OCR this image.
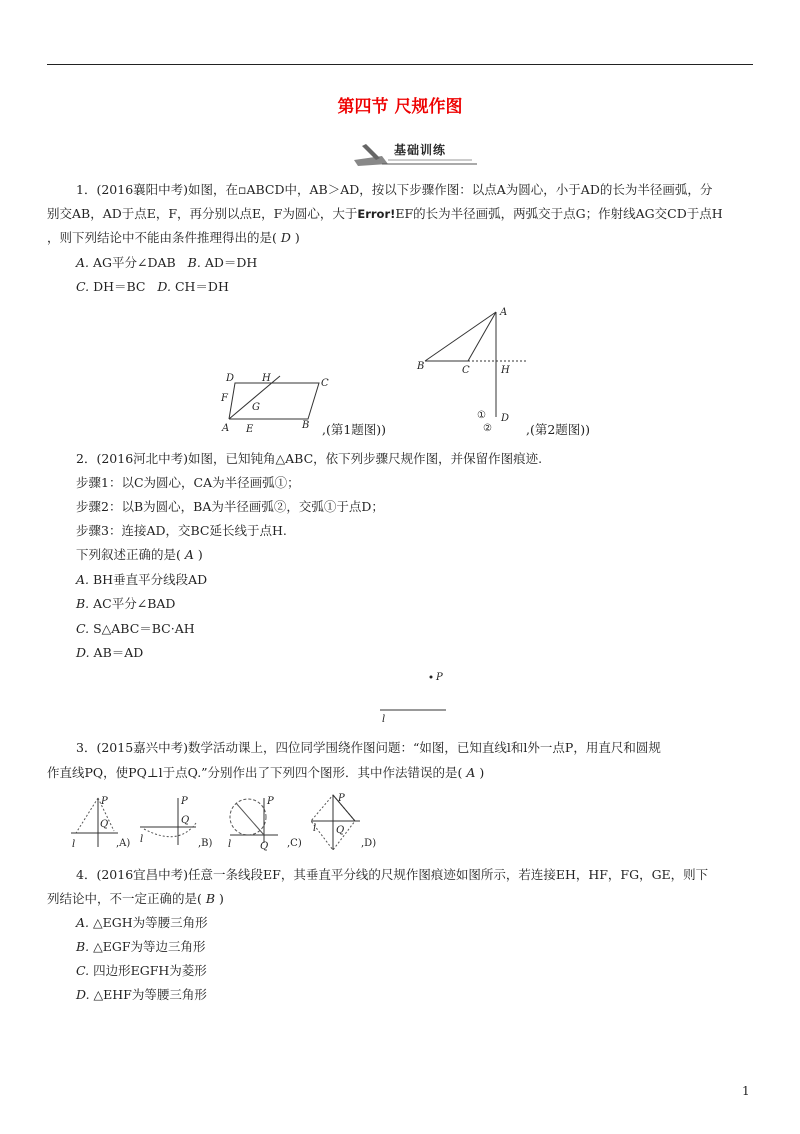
第四节 尺规作图
基础训练
1．(2016襄阳中考)如图，在▫ABCD中，AB＞AD，按以下步骤作图：以点A为圆心，小于AD的长为半径画弧，分
别交AB，AD于点E，F，再分别以点E，F为圆心，大于Error!EF的长为半径画弧，两弧交于点G；作射线AG交CD于点H
，则下列结论中不能由条件推理得出的是( D )
A. AG平分∠DAB B. AD＝DH
C. DH＝BC D. CH＝DH
D	H	C
F
G
A E	B ,(第1题图))
A
B	C	H
D
①
②	,(第2题图))
2．(2016河北中考)如图，已知钝角△ABC，依下列步骤尺规作图，并保留作图痕迹.
步骤1：以C为圆心，CA为半径画弧①；
步骤2：以B为圆心，BA为半径画弧②，交弧①于点D；
步骤3：连接AD，交BC延长线于点H.
下列叙述正确的是( A )
A. BH垂直平分线段AD
B. AC平分∠BAD
C. S△ABC＝BC·AH
D. AB＝AD
P
l
3．(2015嘉兴中考)数学活动课上，四位同学围绕作图问题：“如图，已知直线l和l外一点P，用直尺和圆规
作直线PQ，使PQ⊥l于点Q.”分别作出了下列四个图形．其中作法错误的是( A )
P
Q
l
P
Q
l
P
Q
l
P
Q
l
,A)	,B)	,C)	,D)
4．(2016宜昌中考)任意一条线段EF，其垂直平分线的尺规作图痕迹如图所示，若连接EH，HF，FG，GE，则下
列结论中，不一定正确的是( B )
A. △EGH为等腰三角形
B. △EGF为等边三角形
C. 四边形EGFH为菱形
D. △EHF为等腰三角形
1
